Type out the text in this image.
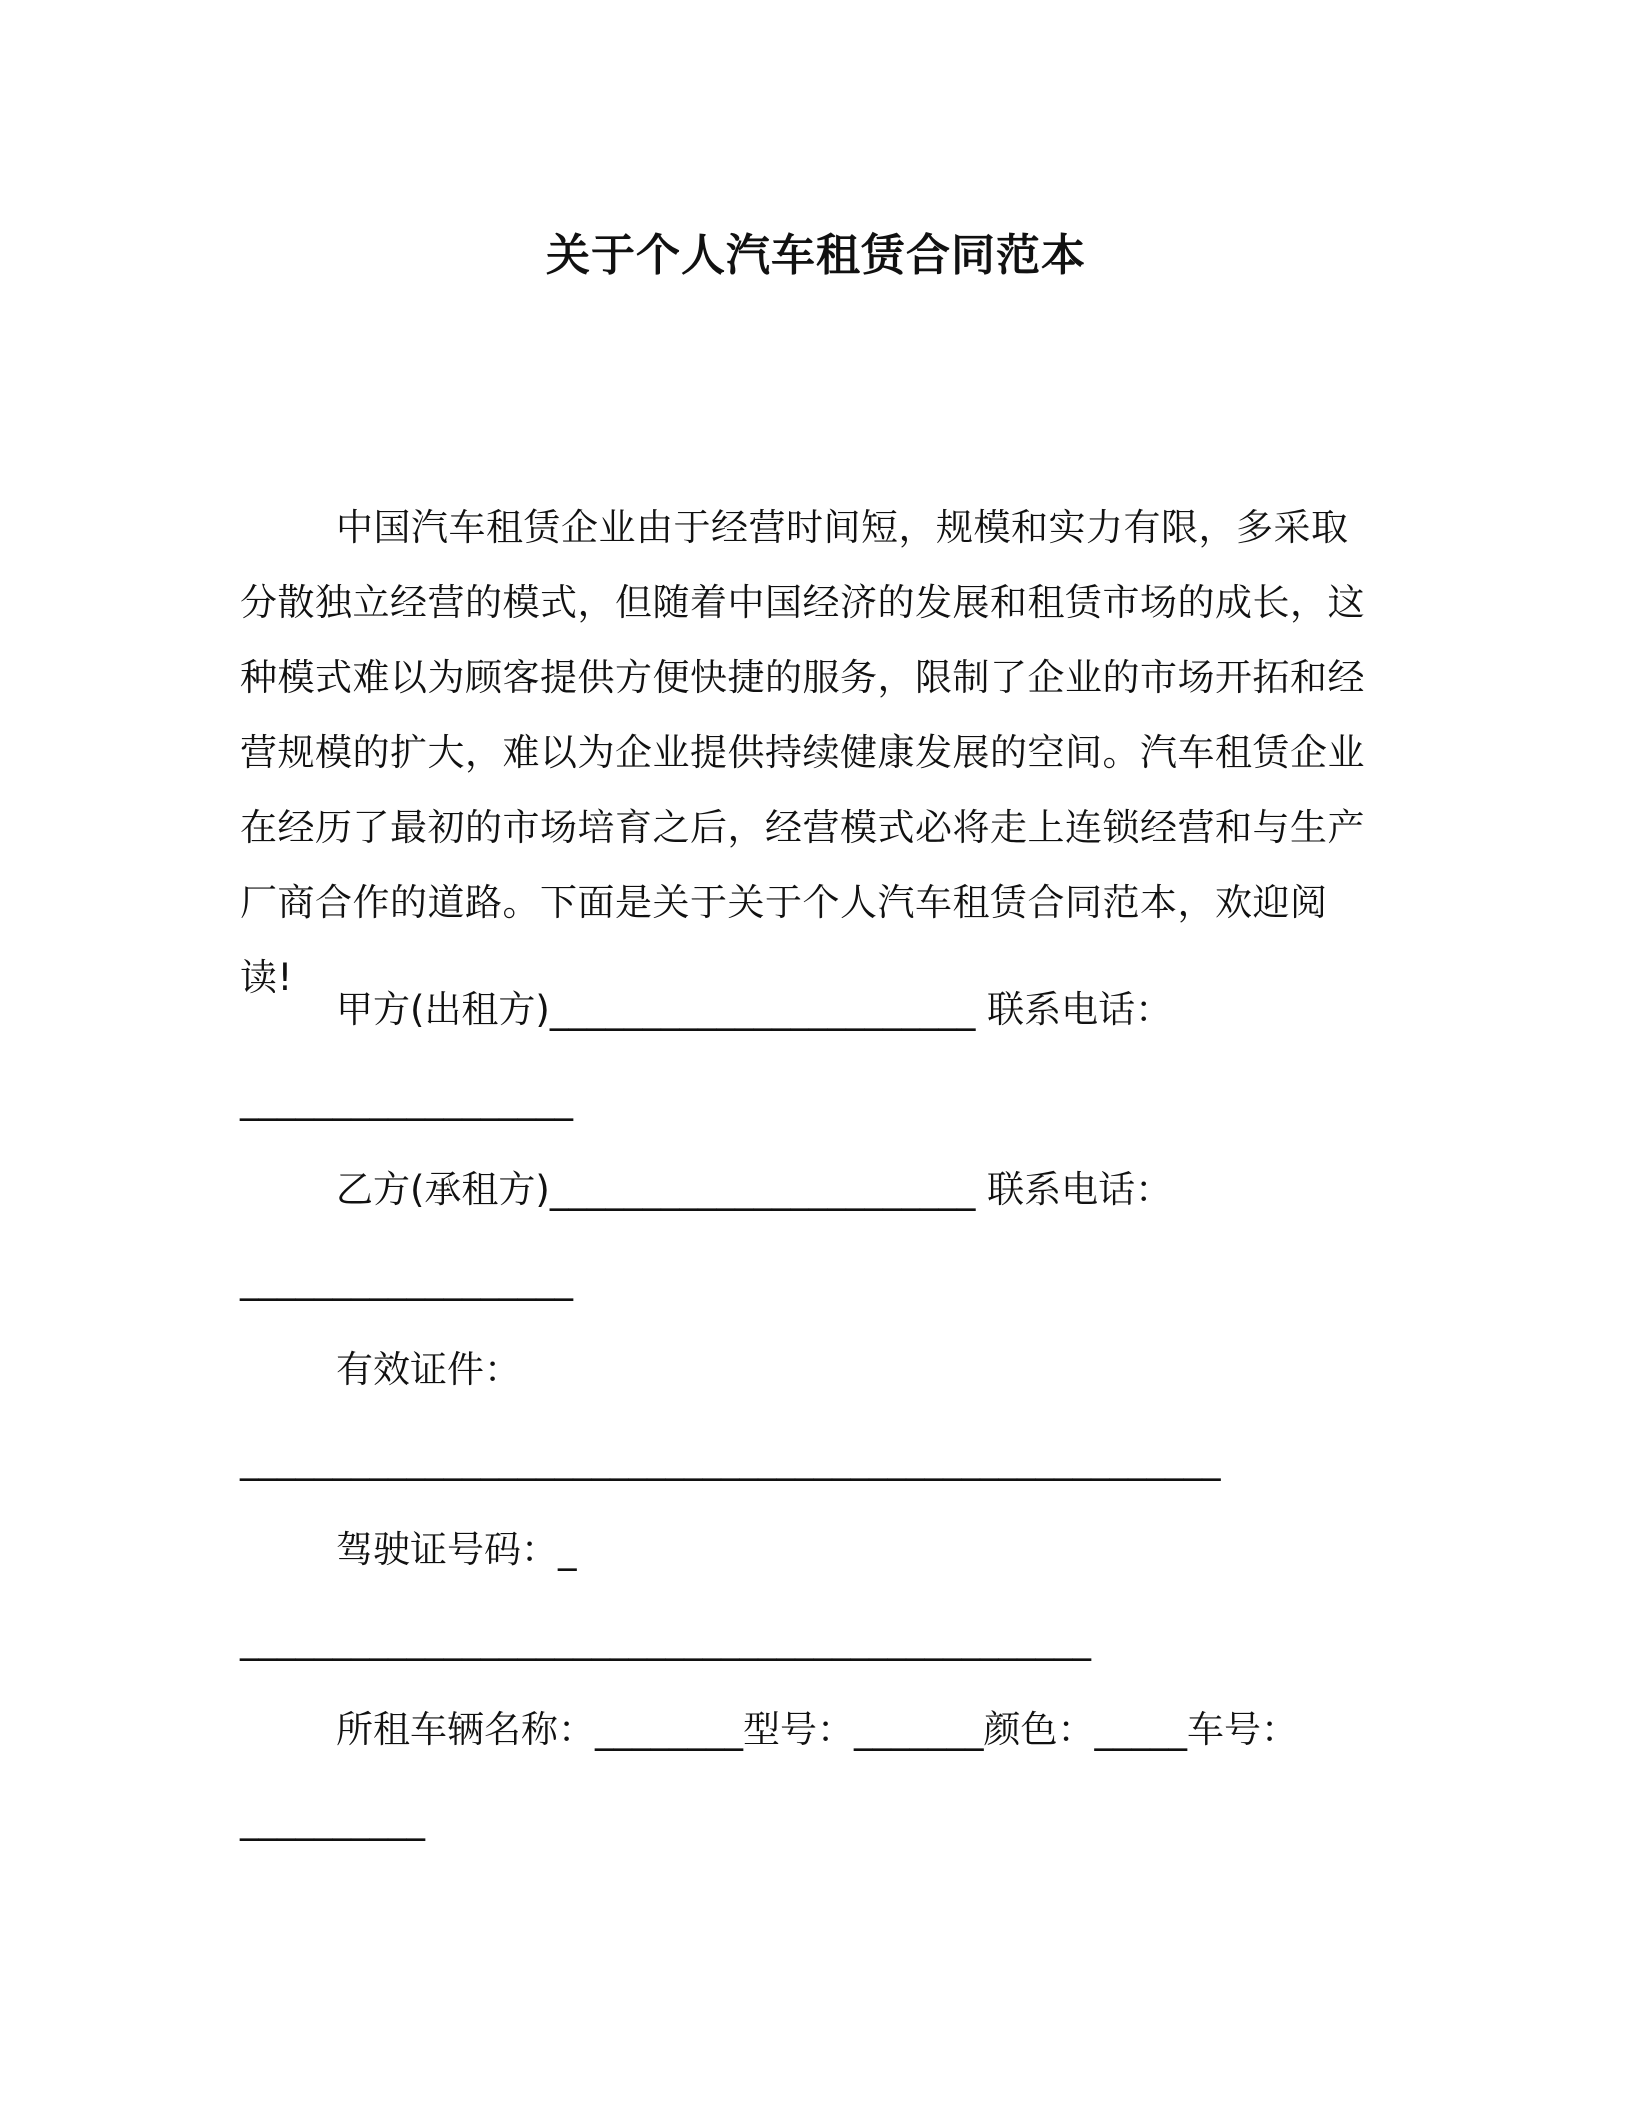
关于个人汽车租赁合同范本

中国汽车租赁企业由于经营时间短，规模和实力有限，多采取分散独立经营的模式，但随着中国经济的发展和租赁市场的成长，这种模式难以为顾客提供方便快捷的服务，限制了企业的市场开拓和经营规模的扩大，难以为企业提供持续健康发展的空间。汽车租赁企业在经历了最初的市场培育之后，经营模式必将走上连锁经营和与生产厂商合作的道路。下面是关于关于个人汽车租赁合同范本，欢迎阅读!

甲方(出租方)_______________________ 联系电话：
__________________
乙方(承租方)_______________________ 联系电话：
__________________
有效证件：
_____________________________________________________
驾驶证号码：_
______________________________________________
所租车辆名称：________型号：_______颜色：_____车号：
__________
